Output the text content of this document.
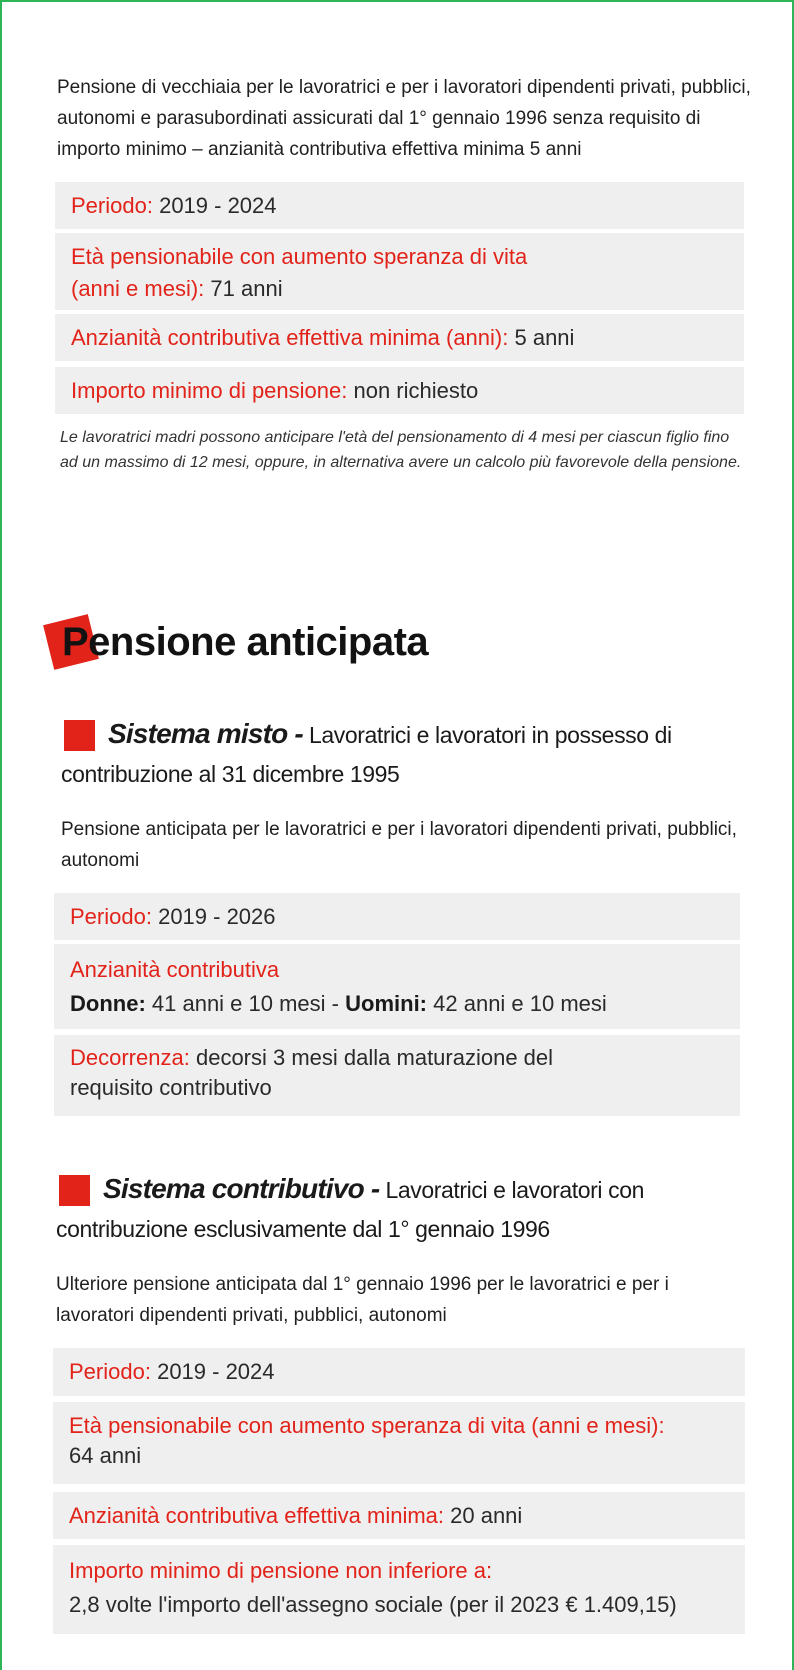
Pensione di vecchiaia per le lavoratrici e per i lavoratori dipendenti privati, pubblici, autonomi e parasubordinati assicurati dal 1° gennaio 1996 senza requisito di importo minimo – anzianità contributiva effettiva minima 5 anni

Periodo: 2019 - 2024
Età pensionabile con aumento speranza di vita
(anni e mesi): 71 anni
Anzianità contributiva effettiva minima (anni): 5 anni
Importo minimo di pensione: non richiesto

Le lavoratrici madri possono anticipare l'età del pensionamento di 4 mesi per ciascun figlio fino ad un massimo di 12 mesi, oppure, in alternativa avere un calcolo più favorevole della pensione.

Pensione anticipata
Sistema misto - Lavoratrici e lavoratori in possesso di contribuzione al 31 dicembre 1995

Pensione anticipata per le lavoratrici e per i lavoratori dipendenti privati, pubblici, autonomi

Periodo: 2019 - 2026
Anzianità contributiva
Donne: 41 anni e 10 mesi - Uomini: 42 anni e 10 mesi
Decorrenza: decorsi 3 mesi dalla maturazione del requisito contributivo
Sistema contributivo - Lavoratrici e lavoratori con contribuzione esclusivamente dal 1° gennaio 1996

Ulteriore pensione anticipata dal 1° gennaio 1996 per le lavoratrici e per i lavoratori dipendenti privati, pubblici, autonomi

Periodo: 2019 - 2024
Età pensionabile con aumento speranza di vita (anni e mesi):
64 anni
Anzianità contributiva effettiva minima: 20 anni
Importo minimo di pensione non inferiore a:
2,8 volte l'importo dell'assegno sociale (per il 2023 € 1.409,15)
